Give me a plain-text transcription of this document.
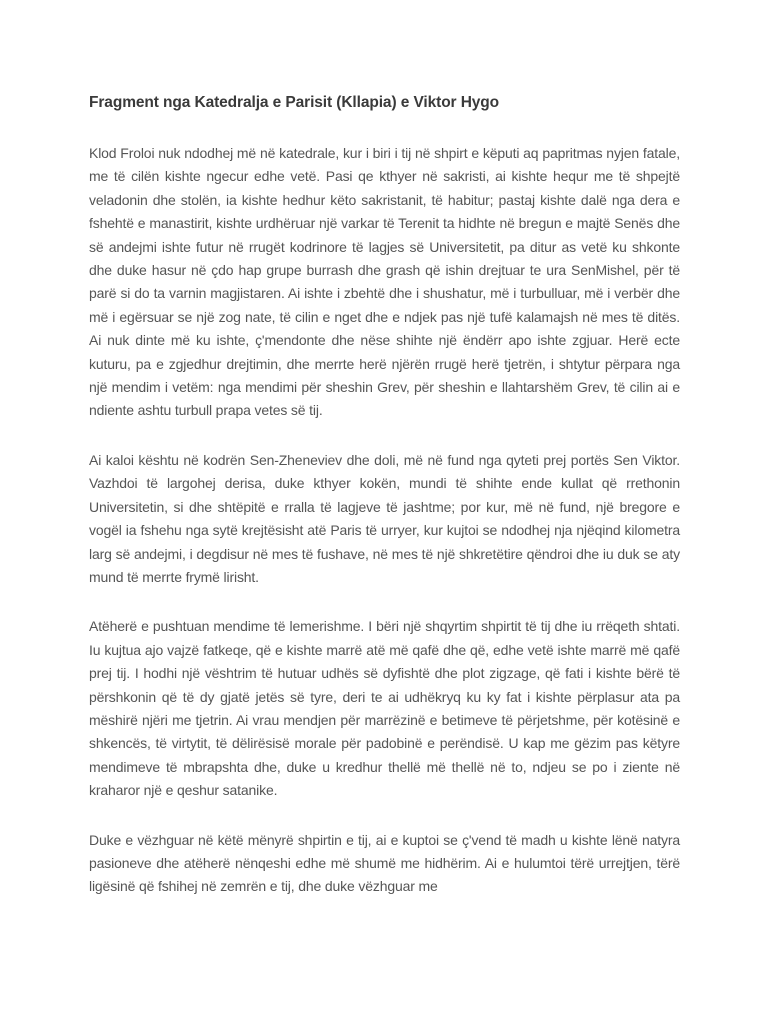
Fragment nga Katedralja e Parisit (Kllapia) e Viktor Hygo

Klod Froloi nuk ndodhej më në katedrale, kur i biri i tij në shpirt e këputi aq papritmas nyjen fatale, me të cilën kishte ngecur edhe vetë. Pasi qe kthyer në sakristi, ai kishte hequr me të shpejtë veladonin dhe stolën, ia kishte hedhur këto sakristanit, të habitur; pastaj kishte dalë nga dera e fshehtë e manastirit, kishte urdhëruar një varkar të Terenit ta hidhte në bregun e majtë Senës dhe së andejmi ishte futur në rrugët kodrinore të lagjes së Universitetit, pa ditur as vetë ku shkonte dhe duke hasur në çdo hap grupe burrash dhe grash që ishin drejtuar te ura SenMishel, për të parë si do ta varnin magjistaren. Ai ishte i zbehtë dhe i shushatur, më i turbulluar, më i verbër dhe më i egërsuar se një zog nate, të cilin e nget dhe e ndjek pas një tufë kalamajsh në mes të ditës. Ai nuk dinte më ku ishte, ç'mendonte dhe nëse shihte një ëndërr apo ishte zgjuar. Herë ecte kuturu, pa e zgjedhur drejtimin, dhe merrte herë njërën rrugë herë tjetrën, i shtytur përpara nga një mendim i vetëm: nga mendimi për sheshin Grev, për sheshin e llahtarshëm Grev, të cilin ai e ndiente ashtu turbull prapa vetes së tij.

Ai kaloi kështu në kodrën Sen-Zheneviev dhe doli, më në fund nga qyteti prej portës Sen Viktor. Vazhdoi të largohej derisa, duke kthyer kokën, mundi të shihte ende kullat që rrethonin Universitetin, si dhe shtëpitë e rralla të lagjeve të jashtme; por kur, më në fund, një bregore e vogël ia fshehu nga sytë krejtësisht atë Paris të urryer, kur kujtoi se ndodhej nja njëqind kilometra larg së andejmi, i degdisur në mes të fushave, në mes të një shkretëtire qëndroi dhe iu duk se aty mund të merrte frymë lirisht.

Atëherë e pushtuan mendime të lemerishme. I bëri një shqyrtim shpirtit të tij dhe iu rrëqeth shtati. Iu kujtua ajo vajzë fatkeqe, që e kishte marrë atë më qafë dhe që, edhe vetë ishte marrë më qafë prej tij. I hodhi një vështrim të hutuar udhës së dyfishtë dhe plot zigzage, që fati i kishte bërë të përshkonin që të dy gjatë jetës së tyre, deri te ai udhëkryq ku ky fat i kishte përplasur ata pa mëshirë njëri me tjetrin. Ai vrau mendjen për marrëzinë e betimeve të përjetshme, për kotësinë e shkencës, të virtytit, të dëlirësisë morale për padobinë e perëndisë. U kap me gëzim pas këtyre mendimeve të mbrapshta dhe, duke u kredhur thellë më thellë në to, ndjeu se po i ziente në kraharor një e qeshur satanike.

Duke e vëzhguar në këtë mënyrë shpirtin e tij, ai e kuptoi se ç'vend të madh u kishte lënë natyra pasioneve dhe atëherë nënqeshi edhe më shumë me hidhërim. Ai e hulumtoi tërë urrejtjen, tërë ligësinë që fshihej në zemrën e tij, dhe duke vëzhguar me
